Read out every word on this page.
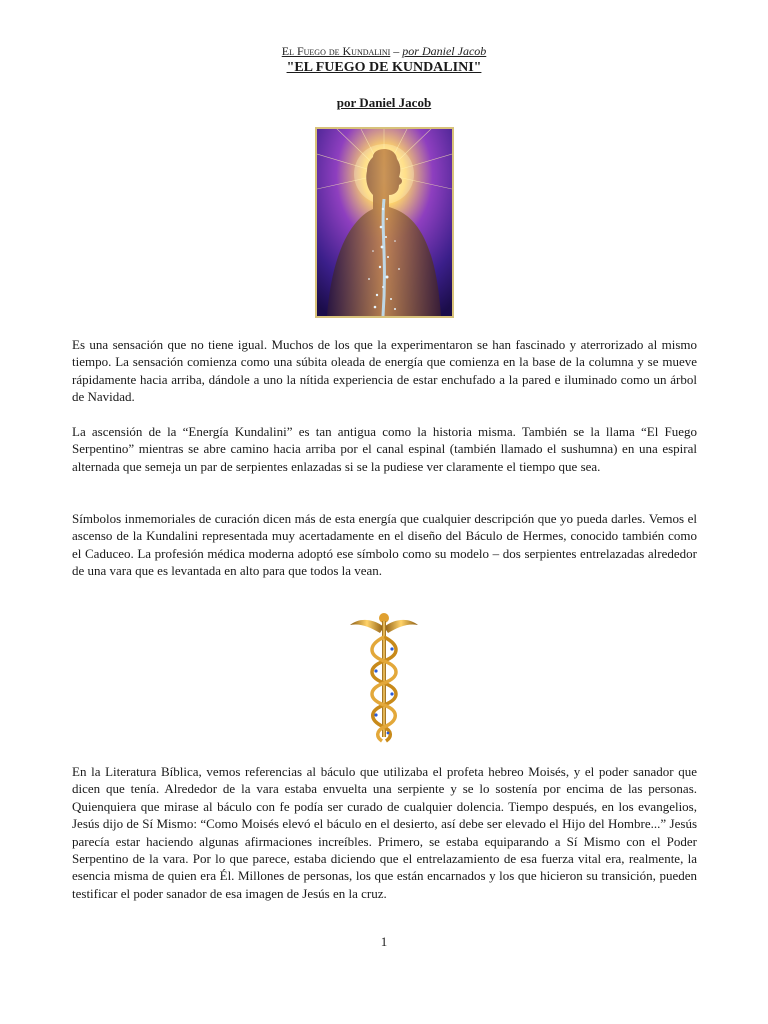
El Fuego de Kundalini – por Daniel Jacob
"EL FUEGO DE KUNDALINI"
por Daniel Jacob

Es una sensación que no tiene igual. Muchos de los que la experimentaron se han fascinado y aterrorizado al mismo tiempo. La sensación comienza como una súbita oleada de energía que comienza en la base de la columna y se mueve rápidamente hacia arriba, dándole a uno la nítida experiencia de estar enchufado a la pared e iluminado como un árbol de Navidad.

La ascensión de la “Energía Kundalini” es tan antigua como la historia misma. También se la llama “El Fuego Serpentino” mientras se abre camino hacia arriba por el canal espinal (también llamado el sushumna) en una espiral alternada que semeja un par de serpientes enlazadas si se la pudiese ver claramente el tiempo que sea.

Símbolos inmemoriales de curación dicen más de esta energía que cualquier descripción que yo pueda darles. Vemos el ascenso de la Kundalini representada muy acertadamente en el diseño del Báculo de Hermes, conocido también como el Caduceo. La profesión médica moderna adoptó ese símbolo como su modelo – dos serpientes entrelazadas alrededor de una vara que es levantada en alto para que todos la vean.

En la Literatura Bíblica, vemos referencias al báculo que utilizaba el profeta hebreo Moisés, y el poder sanador que dicen que tenía. Alrededor de la vara estaba envuelta una serpiente y se lo sostenía por encima de las personas. Quienquiera que mirase al báculo con fe podía ser curado de cualquier dolencia. Tiempo después, en los evangelios, Jesús dijo de Sí Mismo: “Como Moisés elevó el báculo en el desierto, así debe ser elevado el Hijo del Hombre...” Jesús parecía estar haciendo algunas afirmaciones increíbles. Primero, se estaba equiparando a Sí Mismo con el Poder Serpentino de la vara. Por lo que parece, estaba diciendo que el entrelazamiento de esa fuerza vital era, realmente, la esencia misma de quien era Él. Millones de personas, los que están encarnados y los que hicieron su transición, pueden testificar el poder sanador de esa imagen de Jesús en la cruz.

1
